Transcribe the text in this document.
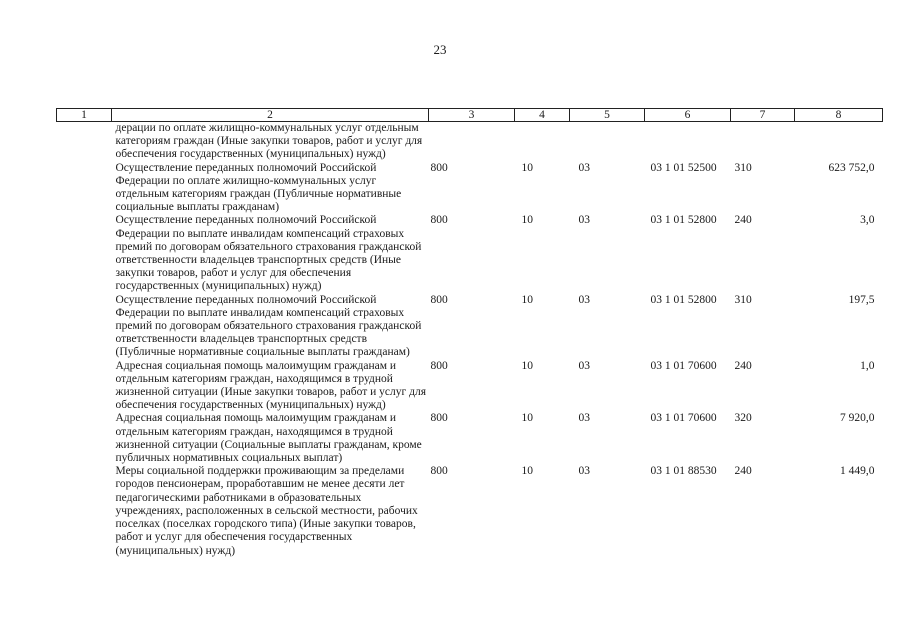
23
1	2	3	4	5	6	7	8
	дерации по оплате жилищно-коммунальных услуг отдельным категориям граждан (Иные закупки товаров, работ и услуг для обеспечения государственных (муниципальных) нужд)						
	Осуществление переданных полномочий Российской Федерации по оплате жилищно-коммунальных услуг отдельным категориям граждан (Публичные нормативные социальные выплаты гражданам)	800	10	03	03 1 01 52500	310	623 752,0
	Осуществление переданных полномочий Российской Федерации по выплате инвалидам компенсаций страховых премий по договорам обязательного страхования гражданской ответственности владельцев транспортных средств (Иные закупки товаров, работ и услуг для обеспечения государственных (муниципальных) нужд)	800	10	03	03 1 01 52800	240	3,0
	Осуществление переданных полномочий Российской Федерации по выплате инвалидам компенсаций страховых премий по договорам обязательного страхования гражданской ответственности владельцев транспортных средств (Публичные нормативные социальные выплаты гражданам)	800	10	03	03 1 01 52800	310	197,5
	Адресная социальная помощь малоимущим гражданам и отдельным категориям граждан, находящимся в трудной жизненной ситуации (Иные закупки товаров, работ и услуг для обеспечения государственных (муниципальных) нужд)	800	10	03	03 1 01 70600	240	1,0
	Адресная социальная помощь малоимущим гражданам и отдельным категориям граждан, находящимся в трудной жизненной ситуации (Социальные выплаты гражданам, кроме публичных нормативных социальных выплат)	800	10	03	03 1 01 70600	320	7 920,0
	Меры социальной поддержки проживающим за пределами городов пенсионерам, проработавшим не менее десяти лет педагогическими работниками в образовательных учреждениях, расположенных в сельской местности, рабочих поселках (поселках городского типа) (Иные закупки товаров, работ и услуг для обеспечения государственных (муниципальных) нужд)	800	10	03	03 1 01 88530	240	1 449,0
